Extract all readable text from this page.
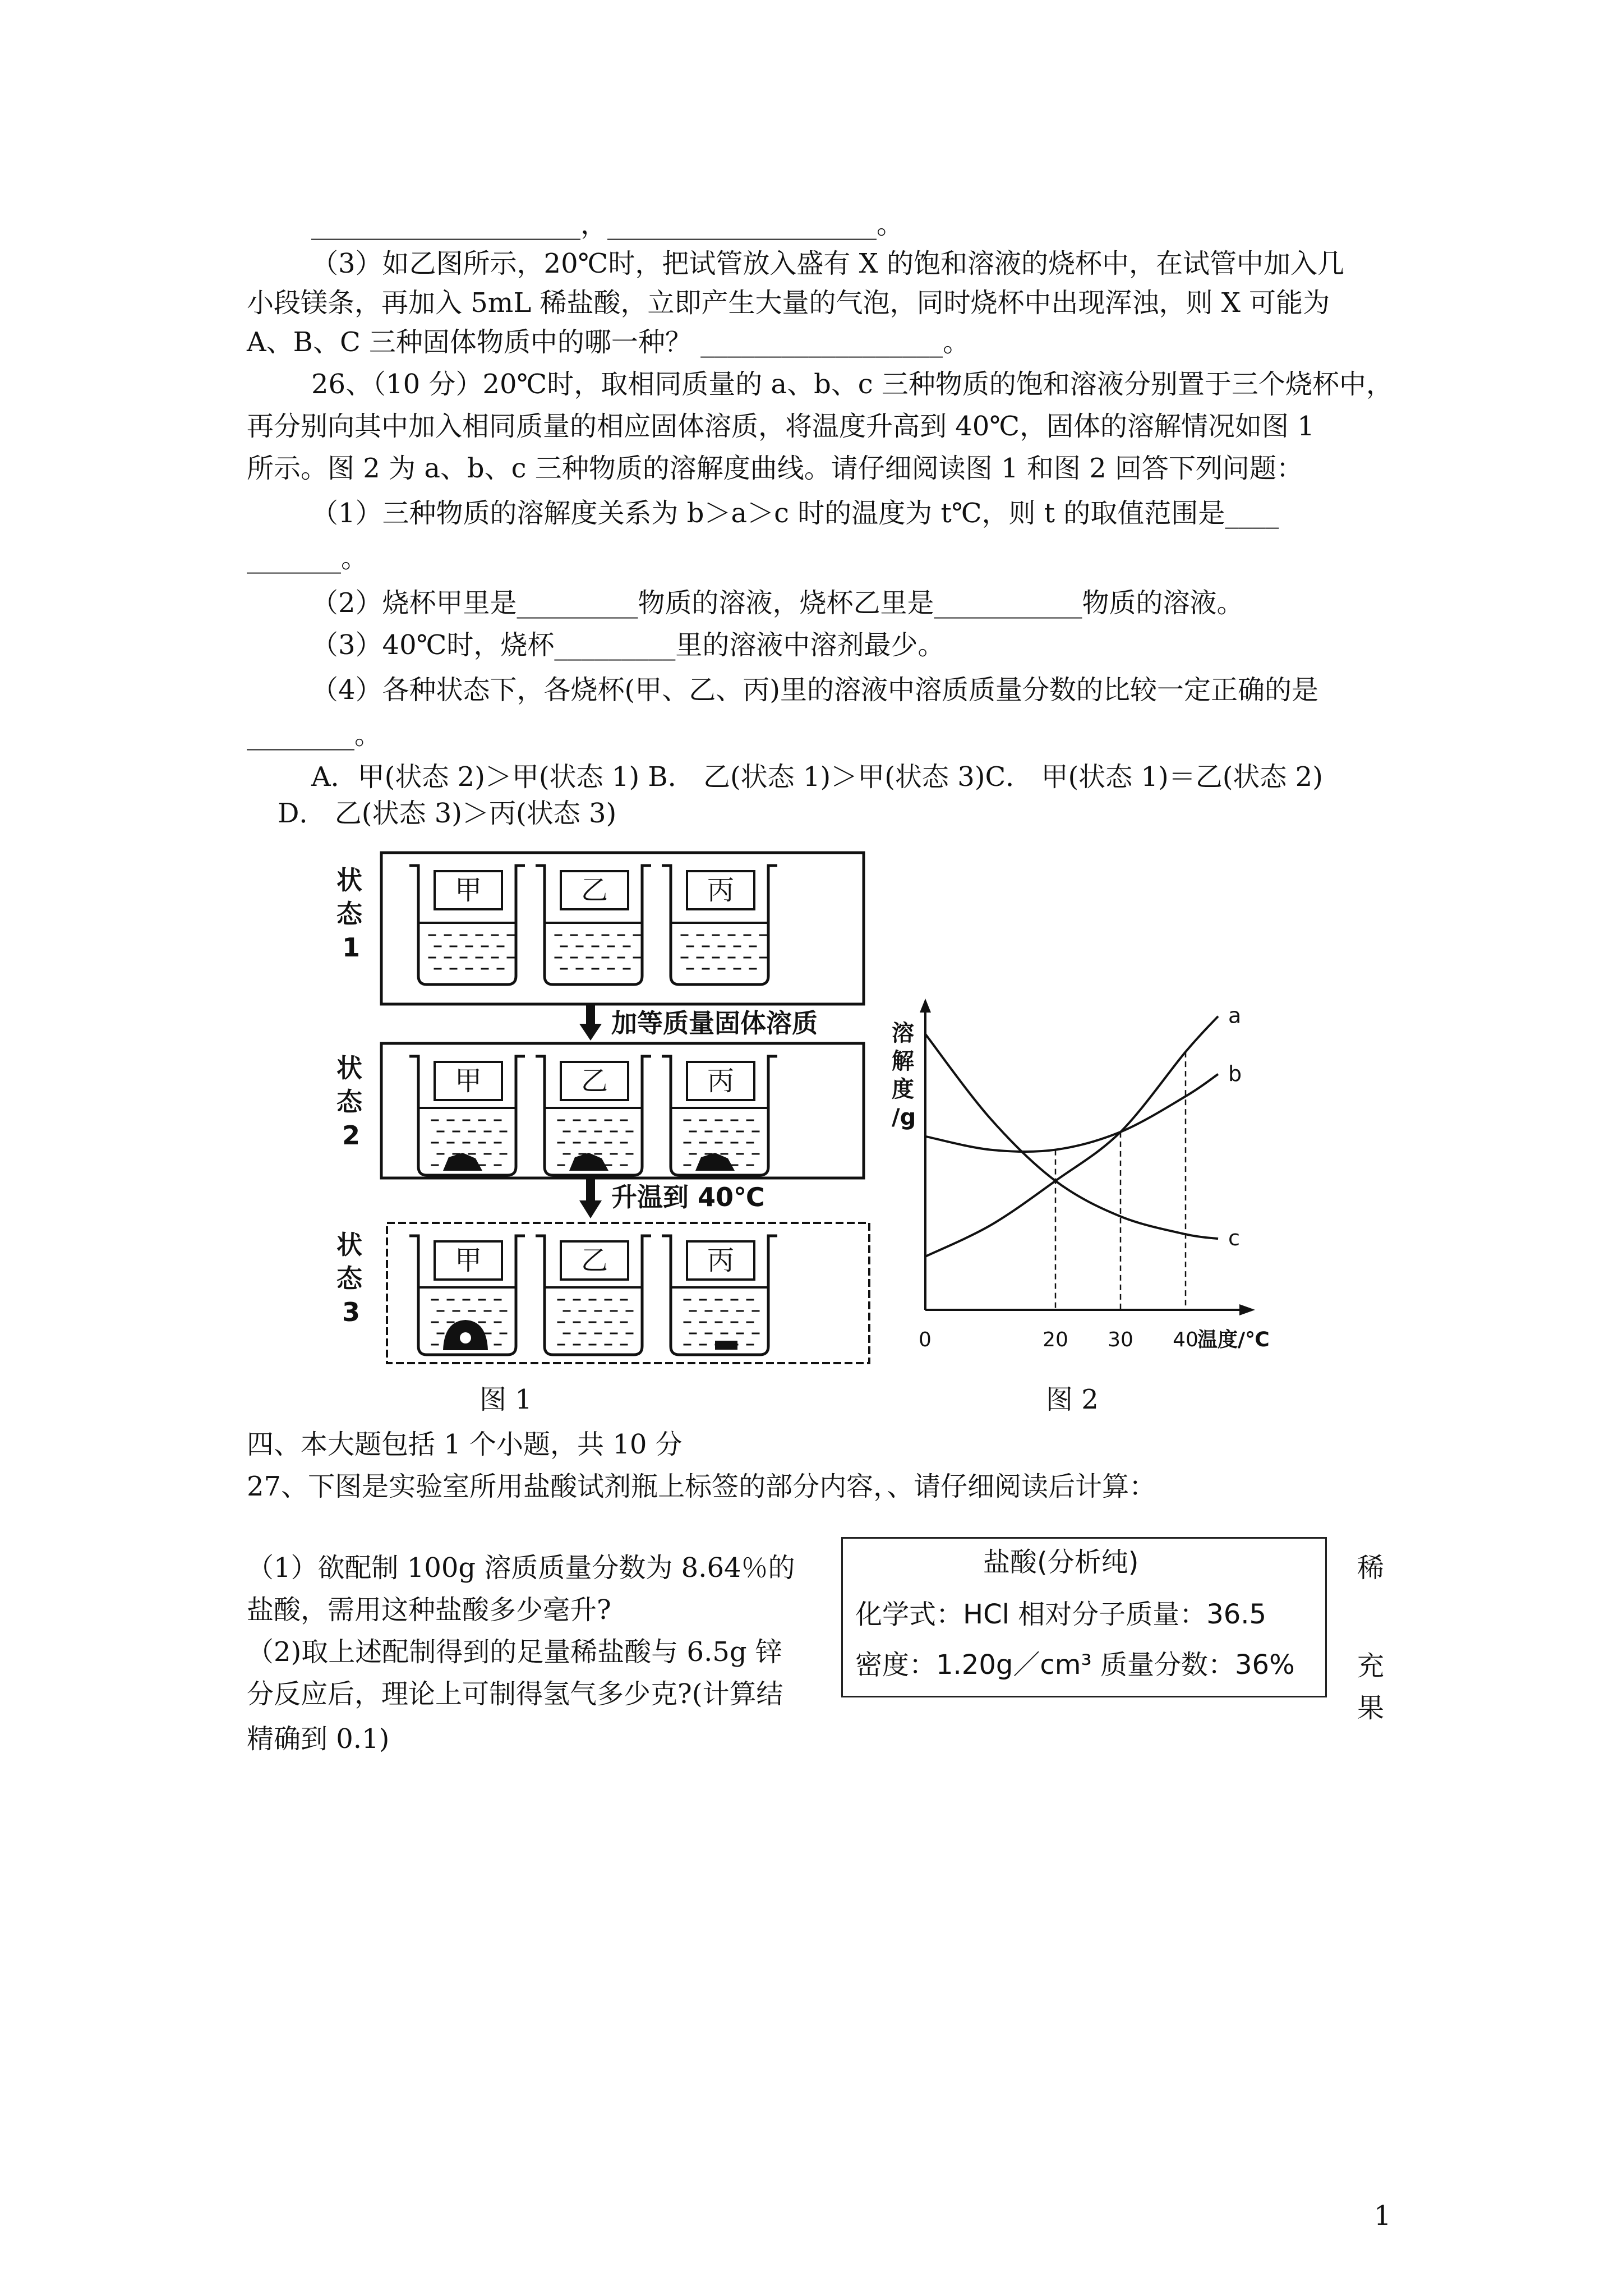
____________________，____________________。
（3）如乙图所示，20℃时，把试管放入盛有 X 的饱和溶液的烧杯中，在试管中加入几
小段镁条，再加入 5mL 稀盐酸，立即产生大量的气泡，同时烧杯中出现浑浊，则 X 可能为
A、B、C 三种固体物质中的哪一种？ __________________。
26、（10 分）20℃时，取相同质量的 a、b、c 三种物质的饱和溶液分别置于三个烧杯中，
再分别向其中加入相同质量的相应固体溶质，将温度升高到 40℃，固体的溶解情况如图 1
所示。图 2 为 a、b、c 三种物质的溶解度曲线。请仔细阅读图 1 和图 2 回答下列问题：
（1）三种物质的溶解度关系为 b＞a＞c 时的温度为 t℃，则 t 的取值范围是____
_______。
（2）烧杯甲里是_________物质的溶液，烧杯乙里是___________物质的溶液。
（3）40℃时，烧杯_________里的溶液中溶剂最少。
（4）各种状态下，各烧杯(甲、乙、丙)里的溶液中溶质质量分数的比较一定正确的是
________。
A．甲(状态 2)＞甲(状态 1) B． 乙(状态 1)＞甲(状态 3)C． 甲(状态 1)＝乙(状态 2)
D． 乙(状态 3)＞丙(状态 3)
状
态
1
状
态
2
状
态
3
加等质量固体溶质
升温到 40℃
甲	乙	丙
甲	乙	丙
甲	乙	丙
图 1
溶
解
度
/g
a
b
c
20 30 40
温度/℃
0
图 2
四、本大题包括 1 个小题，共 10 分
27、下图是实验室所用盐酸试剂瓶上标签的部分内容，、请仔细阅读后计算：
（1）欲配制 100g 溶质质量分数为 8.64％的
盐酸，需用这种盐酸多少毫升?
（2)取上述配制得到的足量稀盐酸与 6.5g 锌
分反应后，理论上可制得氢气多少克?(计算结
精确到 0.1)
盐酸(分析纯)
化学式：HCl 相对分子质量：36.5
密度：1.20g／cm³ 质量分数：36%
稀
充
果
1
